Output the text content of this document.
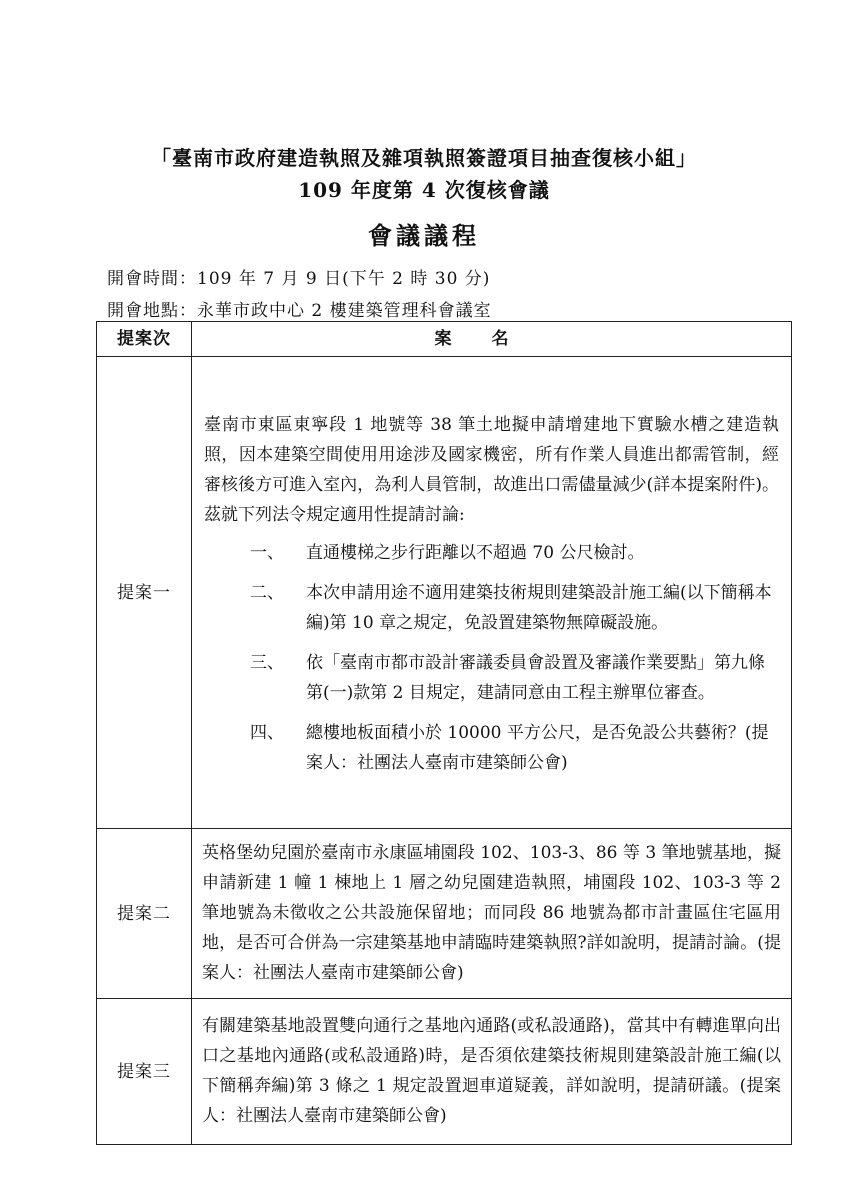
「臺南市政府建造執照及雜項執照簽證項目抽查復核小組」
109 年度第 4 次復核會議
會議議程
開會時間：109 年 7 月 9 日(下午 2 時 30 分)
開會地點：永華市政中心 2 樓建築管理科會議室
提案次	案名
提案一	臺南市東區東寧段 1 地號等 38 筆土地擬申請增建地下實驗水槽之建造執照，因本建築空間使用用途涉及國家機密，所有作業人員進出都需管制，經審核後方可進入室內，為利人員管制，故進出口需儘量減少(詳本提案附件)。茲就下列法令規定適用性提請討論:

一、 直通樓梯之步行距離以不超過 70 公尺檢討。
二、 本次申請用途不適用建築技術規則建築設計施工編(以下簡稱本編)第 10 章之規定，免設置建築物無障礙設施。
三、 依「臺南市都市設計審議委員會設置及審議作業要點」第九條第(一)款第 2 目規定，建請同意由工程主辦單位審查。
四、 總樓地板面積小於 10000 平方公尺，是否免設公共藝術？(提案人：社團法人臺南市建築師公會)

提案二	英格堡幼兒園於臺南市永康區埔園段 102、103-3、86 等 3 筆地號基地，擬申請新建 1 幢 1 棟地上 1 層之幼兒園建造執照，埔園段 102、103-3 等 2 筆地號為未徵收之公共設施保留地；而同段 86 地號為都市計畫區住宅區用地，是否可合併為一宗建築基地申請臨時建築執照?詳如說明，提請討論。(提案人：社團法人臺南市建築師公會)

提案三	有關建築基地設置雙向通行之基地內通路(或私設通路)，當其中有轉進單向出口之基地內通路(或私設通路)時，是否須依建築技術規則建築設計施工編(以下簡稱奔編)第 3 條之 1 規定設置迴車道疑義，詳如說明，提請研議。(提案人：社團法人臺南市建築師公會)
